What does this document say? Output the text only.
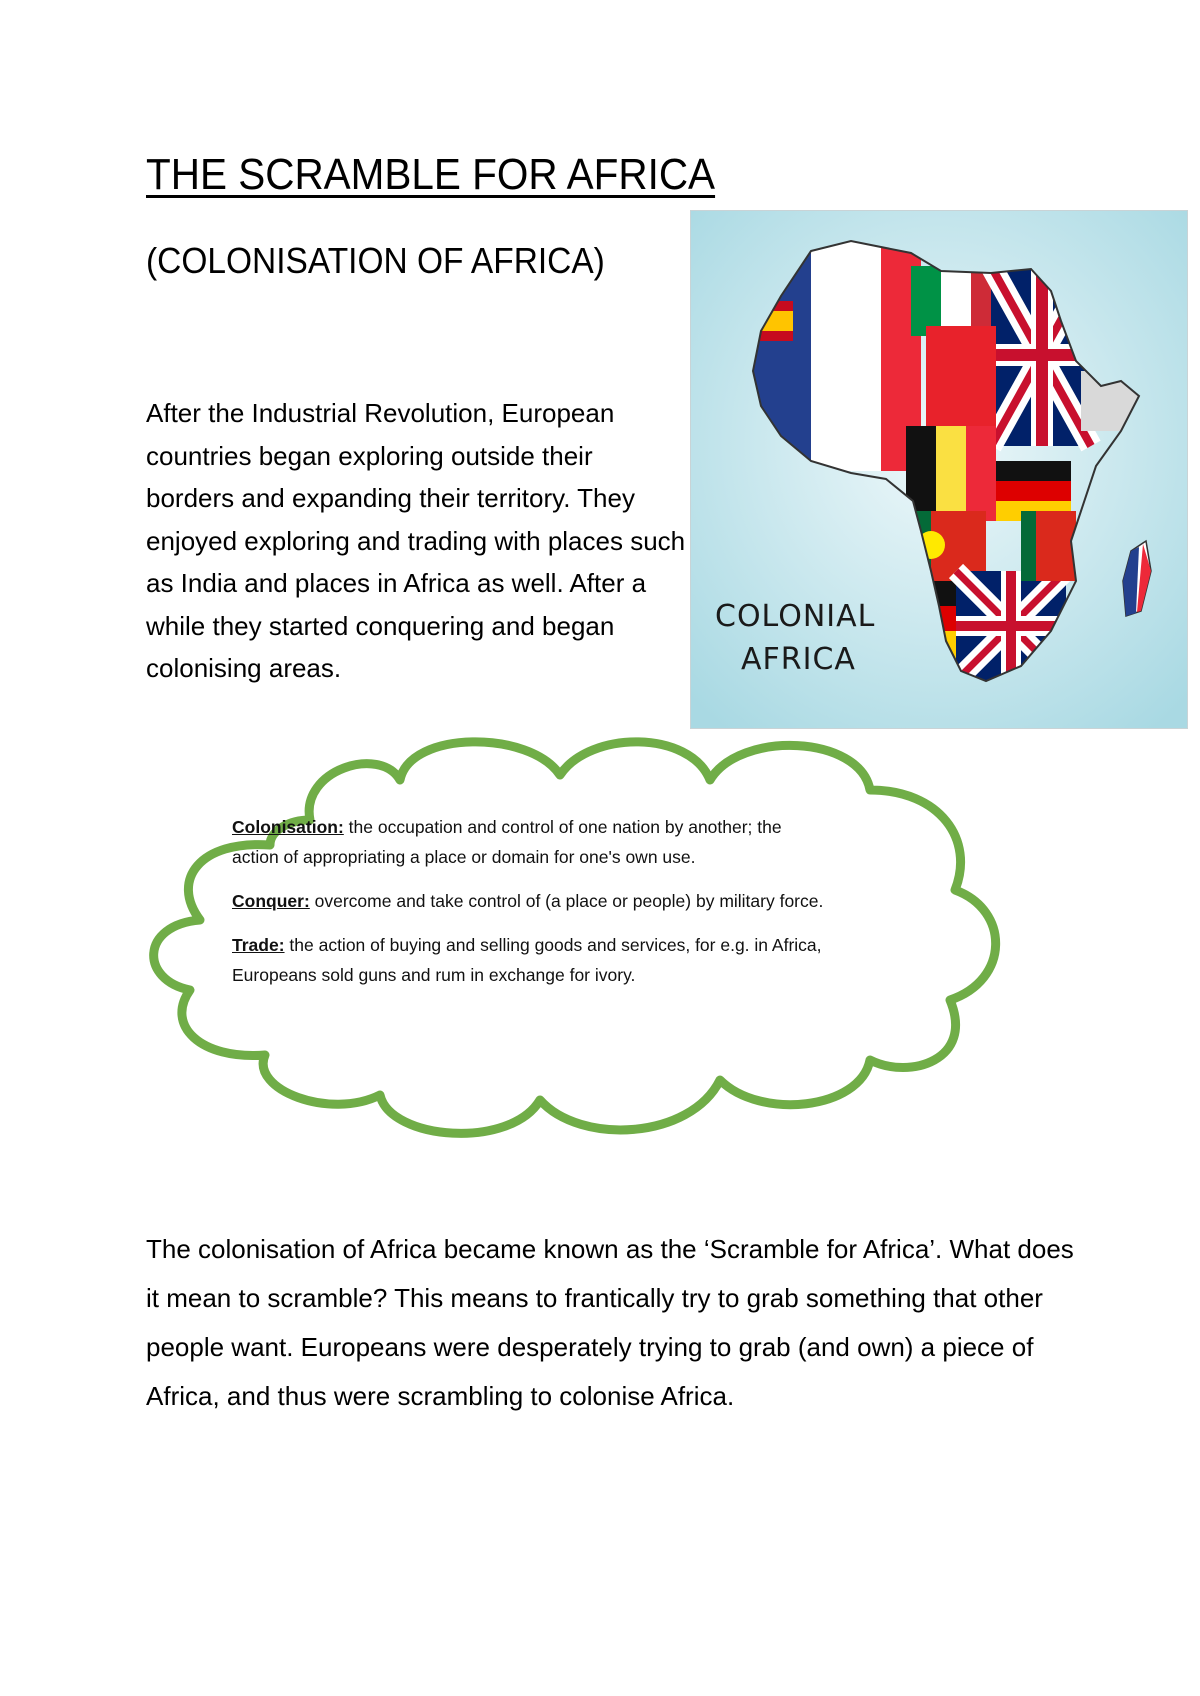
THE SCRAMBLE FOR AFRICA
(COLONISATION OF AFRICA)

After the Industrial Revolution, European countries began exploring outside their borders and expanding their territory. They enjoyed exploring and trading with places such as India and places in Africa as well. After a while they started conquering and began colonising areas.

COLONIAL
AFRICA

Colonisation: the occupation and control of one nation by another; the action of appropriating a place or domain for one's own use.

Conquer: overcome and take control of (a place or people) by military force.

Trade: the action of buying and selling goods and services, for e.g. in Africa, Europeans sold guns and rum in exchange for ivory.

The colonisation of Africa became known as the ‘Scramble for Africa’. What does it mean to scramble? This means to frantically try to grab something that other people want. Europeans were desperately trying to grab (and own) a piece of Africa, and thus were scrambling to colonise Africa.
